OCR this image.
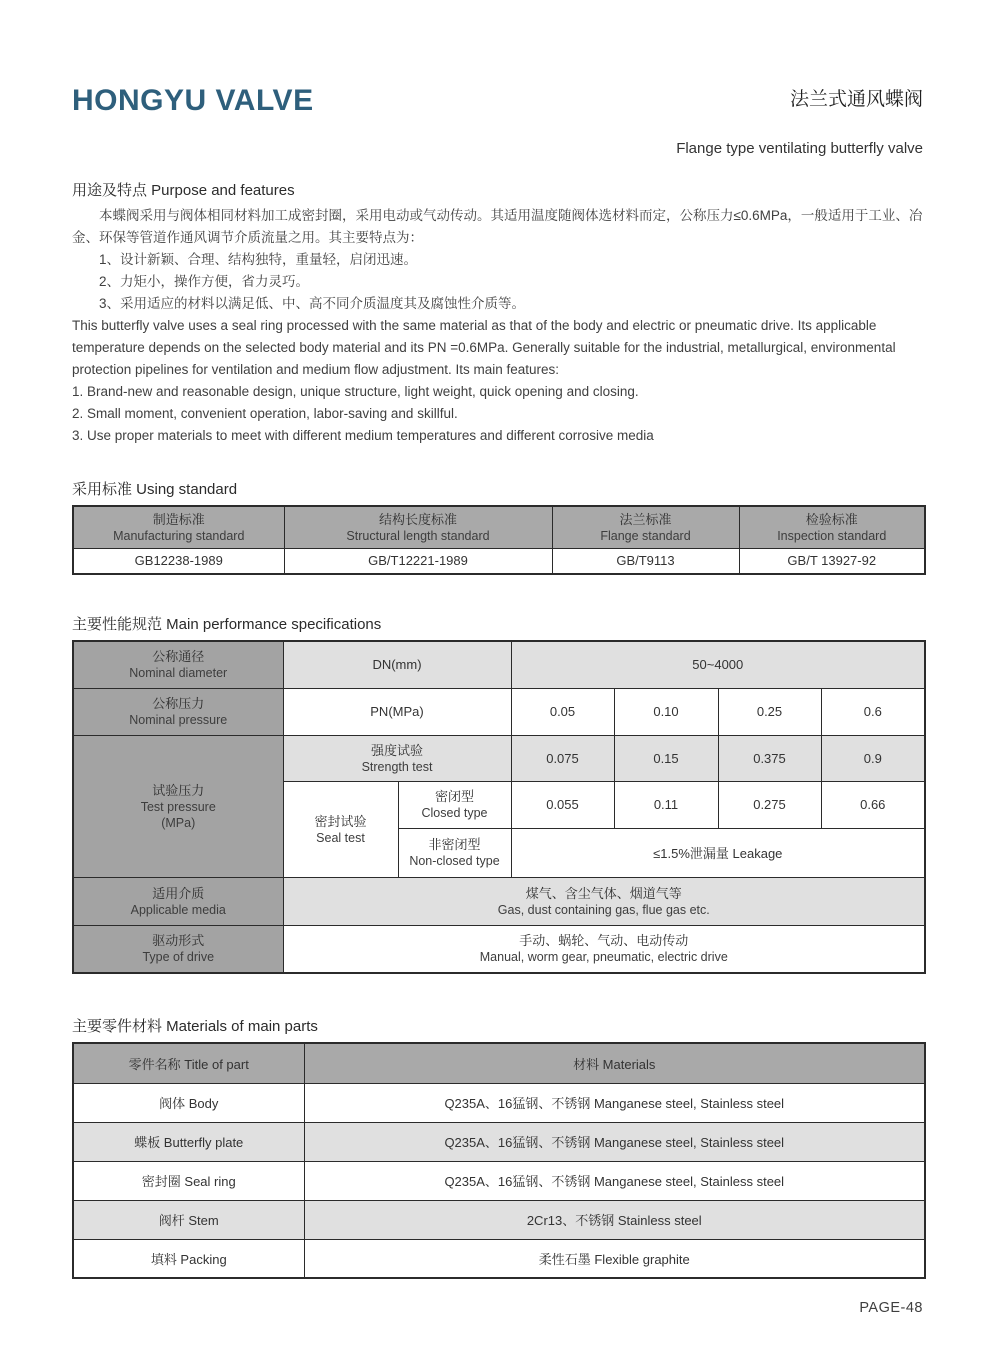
HONGYU VALVE	法兰式通风蝶阀
Flange type ventilating butterfly valve
用途及特点 Purpose and features
本蝶阀采用与阀体相同材料加工成密封圈，采用电动或气动传动。其适用温度随阀体选材料而定，公称压力≤0.6MPa，一般适用于工业、冶金、环保等管道作通风调节介质流量之用。其主要特点为：
1、设计新颖、合理、结构独特，重量轻，启闭迅速。
2、力矩小，操作方便，省力灵巧。
3、采用适应的材料以满足低、中、高不同介质温度其及腐蚀性介质等。
This butterfly valve uses a seal ring processed with the same material as that of the body and electric or pneumatic drive. Its applicable temperature depends on the selected body material and its PN =0.6MPa. Generally suitable for the industrial, metallurgical, environmental protection pipelines for ventilation and medium flow adjustment. Its main features:
1. Brand-new and reasonable design, unique structure, light weight, quick opening and closing.
2. Small moment, convenient operation, labor-saving and skillful.
3. Use proper materials to meet with different medium temperatures and different corrosive media
采用标准 Using standard
制造标准
Manufacturing standard	结构长度标准
Structural length standard	法兰标准
Flange standard	检验标准
Inspection standard

GB12238-1989	GB/T12221-1989	GB/T9113	GB/T 13927-92
主要性能规范 Main performance specifications
公称通径
Nominal diameter	DN(mm)		50~4000			

公称压力
Nominal pressure	PN(MPa)		0.05	0.10	0.25	0.6

试验压力
Test pressure
(MPa)	强度试验
Strength test		0.075	0.15	0.375	0.9

	密封试验
Seal test	密闭型
Closed type	0.055	0.11	0.275	0.66

		非密闭型
Non-closed type	≤1.5%泄漏量 Leakage			

适用介质
Applicable media	煤气、含尘气体、烟道气等
Gas, dust containing gas, flue gas etc.					

驱动形式
Type of drive	手动、蜗轮、气动、电动传动
Manual, worm gear, pneumatic, electric drive					
主要零件材料 Materials of main parts
零件名称 Title of part	材料 Materials
阀体 Body	Q235A、16猛钢、不锈钢 Manganese steel, Stainless steel
蝶板 Butterfly plate	Q235A、16猛钢、不锈钢 Manganese steel, Stainless steel
密封圈 Seal ring	Q235A、16猛钢、不锈钢 Manganese steel, Stainless steel
阀杆 Stem	2Cr13、不锈钢 Stainless steel
填料 Packing	柔性石墨 Flexible graphite
PAGE-48
